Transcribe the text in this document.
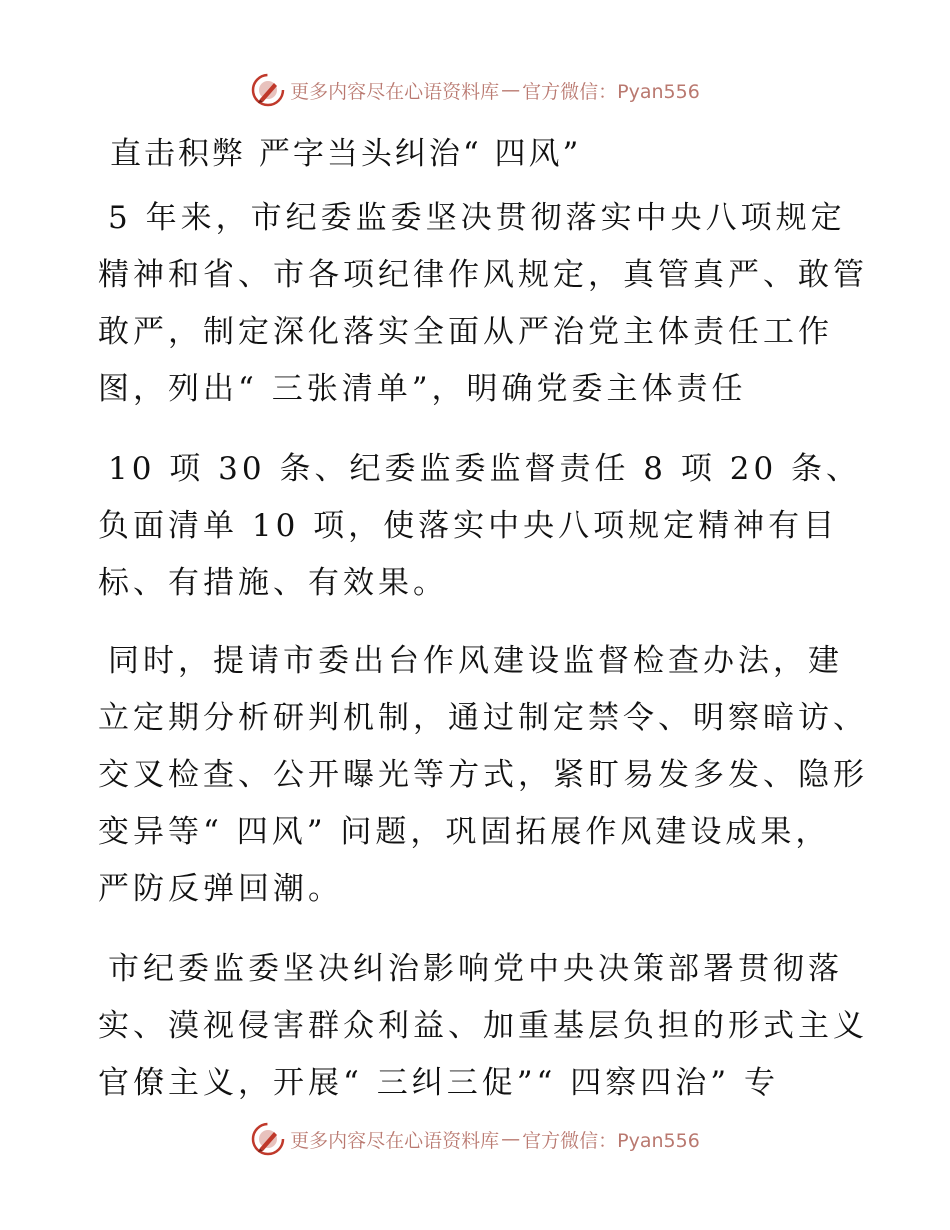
更多内容尽在心语资料库 — 官方微信：Pyan556
直击积弊 严字当头纠治“ 四风”
5 年来，市纪委监委坚决贯彻落实中央八项规定
精神和省、市各项纪律作风规定，真管真严、敢管
敢严，制定深化落实全面从严治党主体责任工作
图，列出“ 三张清单”，明确党委主体责任
10 项 30 条、纪委监委监督责任 8 项 20 条、
负面清单 10 项，使落实中央八项规定精神有目
标、有措施、有效果。
同时，提请市委出台作风建设监督检查办法，建
立定期分析研判机制，通过制定禁令、明察暗访、
交叉检查、公开曝光等方式，紧盯易发多发、隐形
变异等“ 四风” 问题，巩固拓展作风建设成果，
严防反弹回潮。
市纪委监委坚决纠治影响党中央决策部署贯彻落
实、漠视侵害群众利益、加重基层负担的形式主义
官僚主义，开展“ 三纠三促”“ 四察四治” 专
更多内容尽在心语资料库 — 官方微信：Pyan556
